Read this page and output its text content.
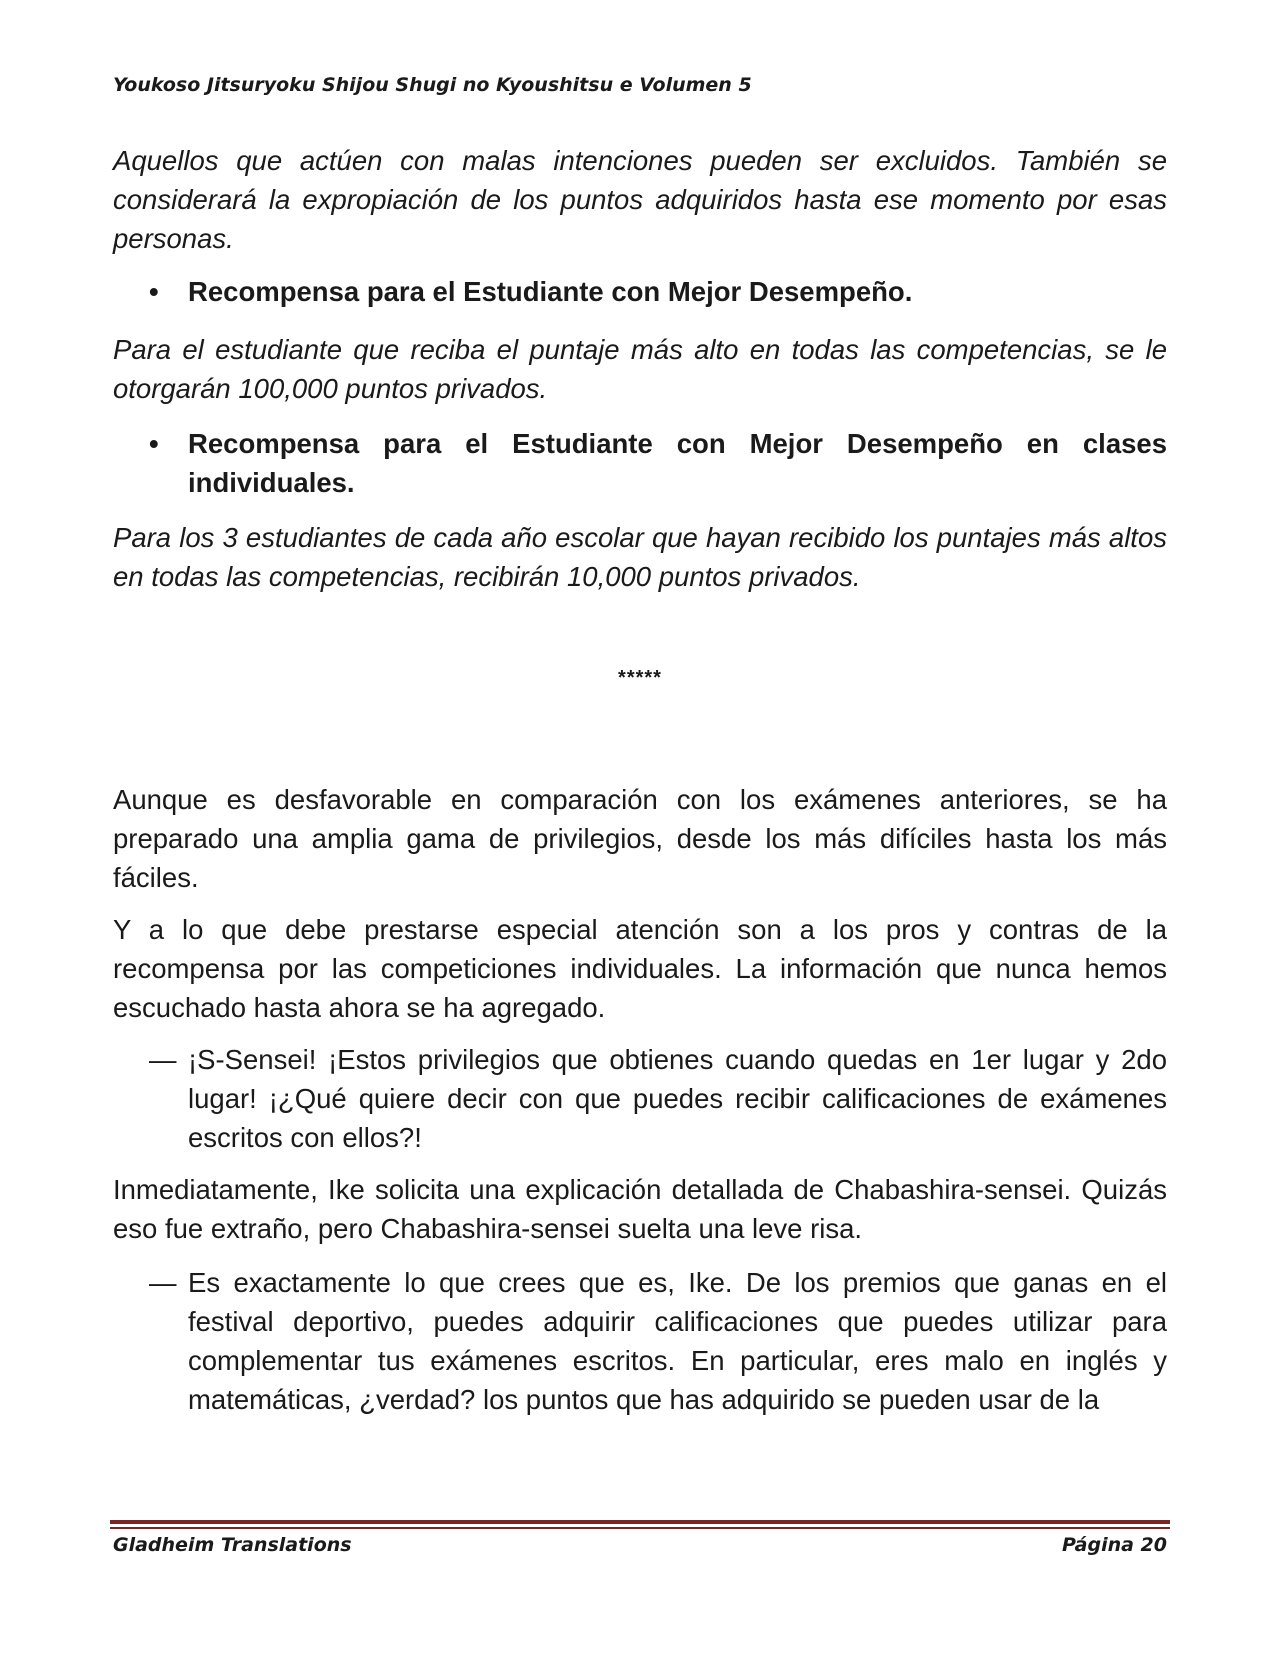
Youkoso Jitsuryoku Shijou Shugi no Kyoushitsu e Volumen 5

Aquellos que actúen con malas intenciones pueden ser excluidos. También se considerará la expropiación de los puntos adquiridos hasta ese momento por esas personas.

• Recompensa para el Estudiante con Mejor Desempeño.

Para el estudiante que reciba el puntaje más alto en todas las competencias, se le otorgarán 100,000 puntos privados.

• Recompensa para el Estudiante con Mejor Desempeño en clases individuales.

Para los 3 estudiantes de cada año escolar que hayan recibido los puntajes más altos en todas las competencias, recibirán 10,000 puntos privados.

*****

Aunque es desfavorable en comparación con los exámenes anteriores, se ha preparado una amplia gama de privilegios, desde los más difíciles hasta los más fáciles.

Y a lo que debe prestarse especial atención son a los pros y contras de la recompensa por las competiciones individuales. La información que nunca hemos escuchado hasta ahora se ha agregado.

— ¡S-Sensei! ¡Estos privilegios que obtienes cuando quedas en 1er lugar y 2do lugar! ¡¿Qué quiere decir con que puedes recibir calificaciones de exámenes escritos con ellos?!

Inmediatamente, Ike solicita una explicación detallada de Chabashira-sensei. Quizás eso fue extraño, pero Chabashira-sensei suelta una leve risa.

— Es exactamente lo que crees que es, Ike. De los premios que ganas en el festival deportivo, puedes adquirir calificaciones que puedes utilizar para complementar tus exámenes escritos. En particular, eres malo en inglés y matemáticas, ¿verdad? los puntos que has adquirido se pueden usar de la
Gladheim Translations	Página 20
